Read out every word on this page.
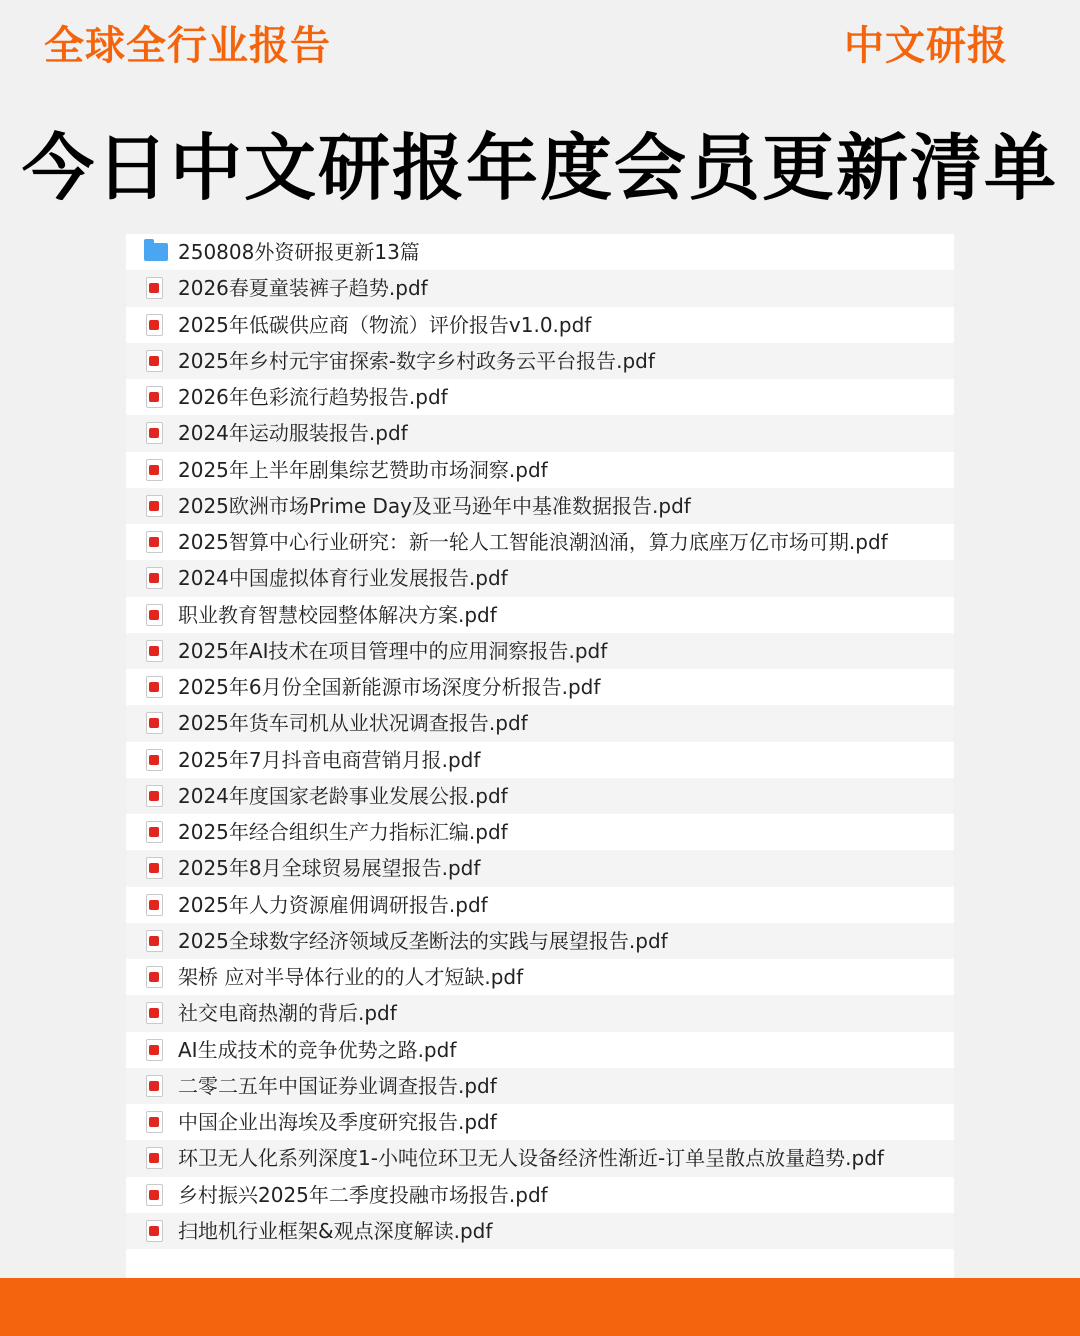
全球全行业报告	中文研报
今日中文研报年度会员更新清单
250808外资研报更新13篇
2026春夏童装裤子趋势.pdf
2025年低碳供应商（物流）评价报告v1.0.pdf
2025年乡村元宇宙探索-数字乡村政务云平台报告.pdf
2026年色彩流行趋势报告.pdf
2024年运动服装报告.pdf
2025年上半年剧集综艺赞助市场洞察.pdf
2025欧洲市场Prime Day及亚马逊年中基准数据报告.pdf
2025智算中心行业研究：新一轮人工智能浪潮汹涌，算力底座万亿市场可期.pdf
2024中国虚拟体育行业发展报告.pdf
职业教育智慧校园整体解决方案.pdf
2025年AI技术在项目管理中的应用洞察报告.pdf
2025年6月份全国新能源市场深度分析报告.pdf
2025年货车司机从业状况调查报告.pdf
2025年7月抖音电商营销月报.pdf
2024年度国家老龄事业发展公报.pdf
2025年经合组织生产力指标汇编.pdf
2025年8月全球贸易展望报告.pdf
2025年人力资源雇佣调研报告.pdf
2025全球数字经济领域反垄断法的实践与展望报告.pdf
架桥 应对半导体行业的的人才短缺.pdf
社交电商热潮的背后.pdf
AI生成技术的竞争优势之路.pdf
二零二五年中国证券业调查报告.pdf
中国企业出海埃及季度研究报告.pdf
环卫无人化系列深度1-小吨位环卫无人设备经济性渐近-订单呈散点放量趋势.pdf
乡村振兴2025年二季度投融市场报告.pdf
扫地机行业框架&观点深度解读.pdf
